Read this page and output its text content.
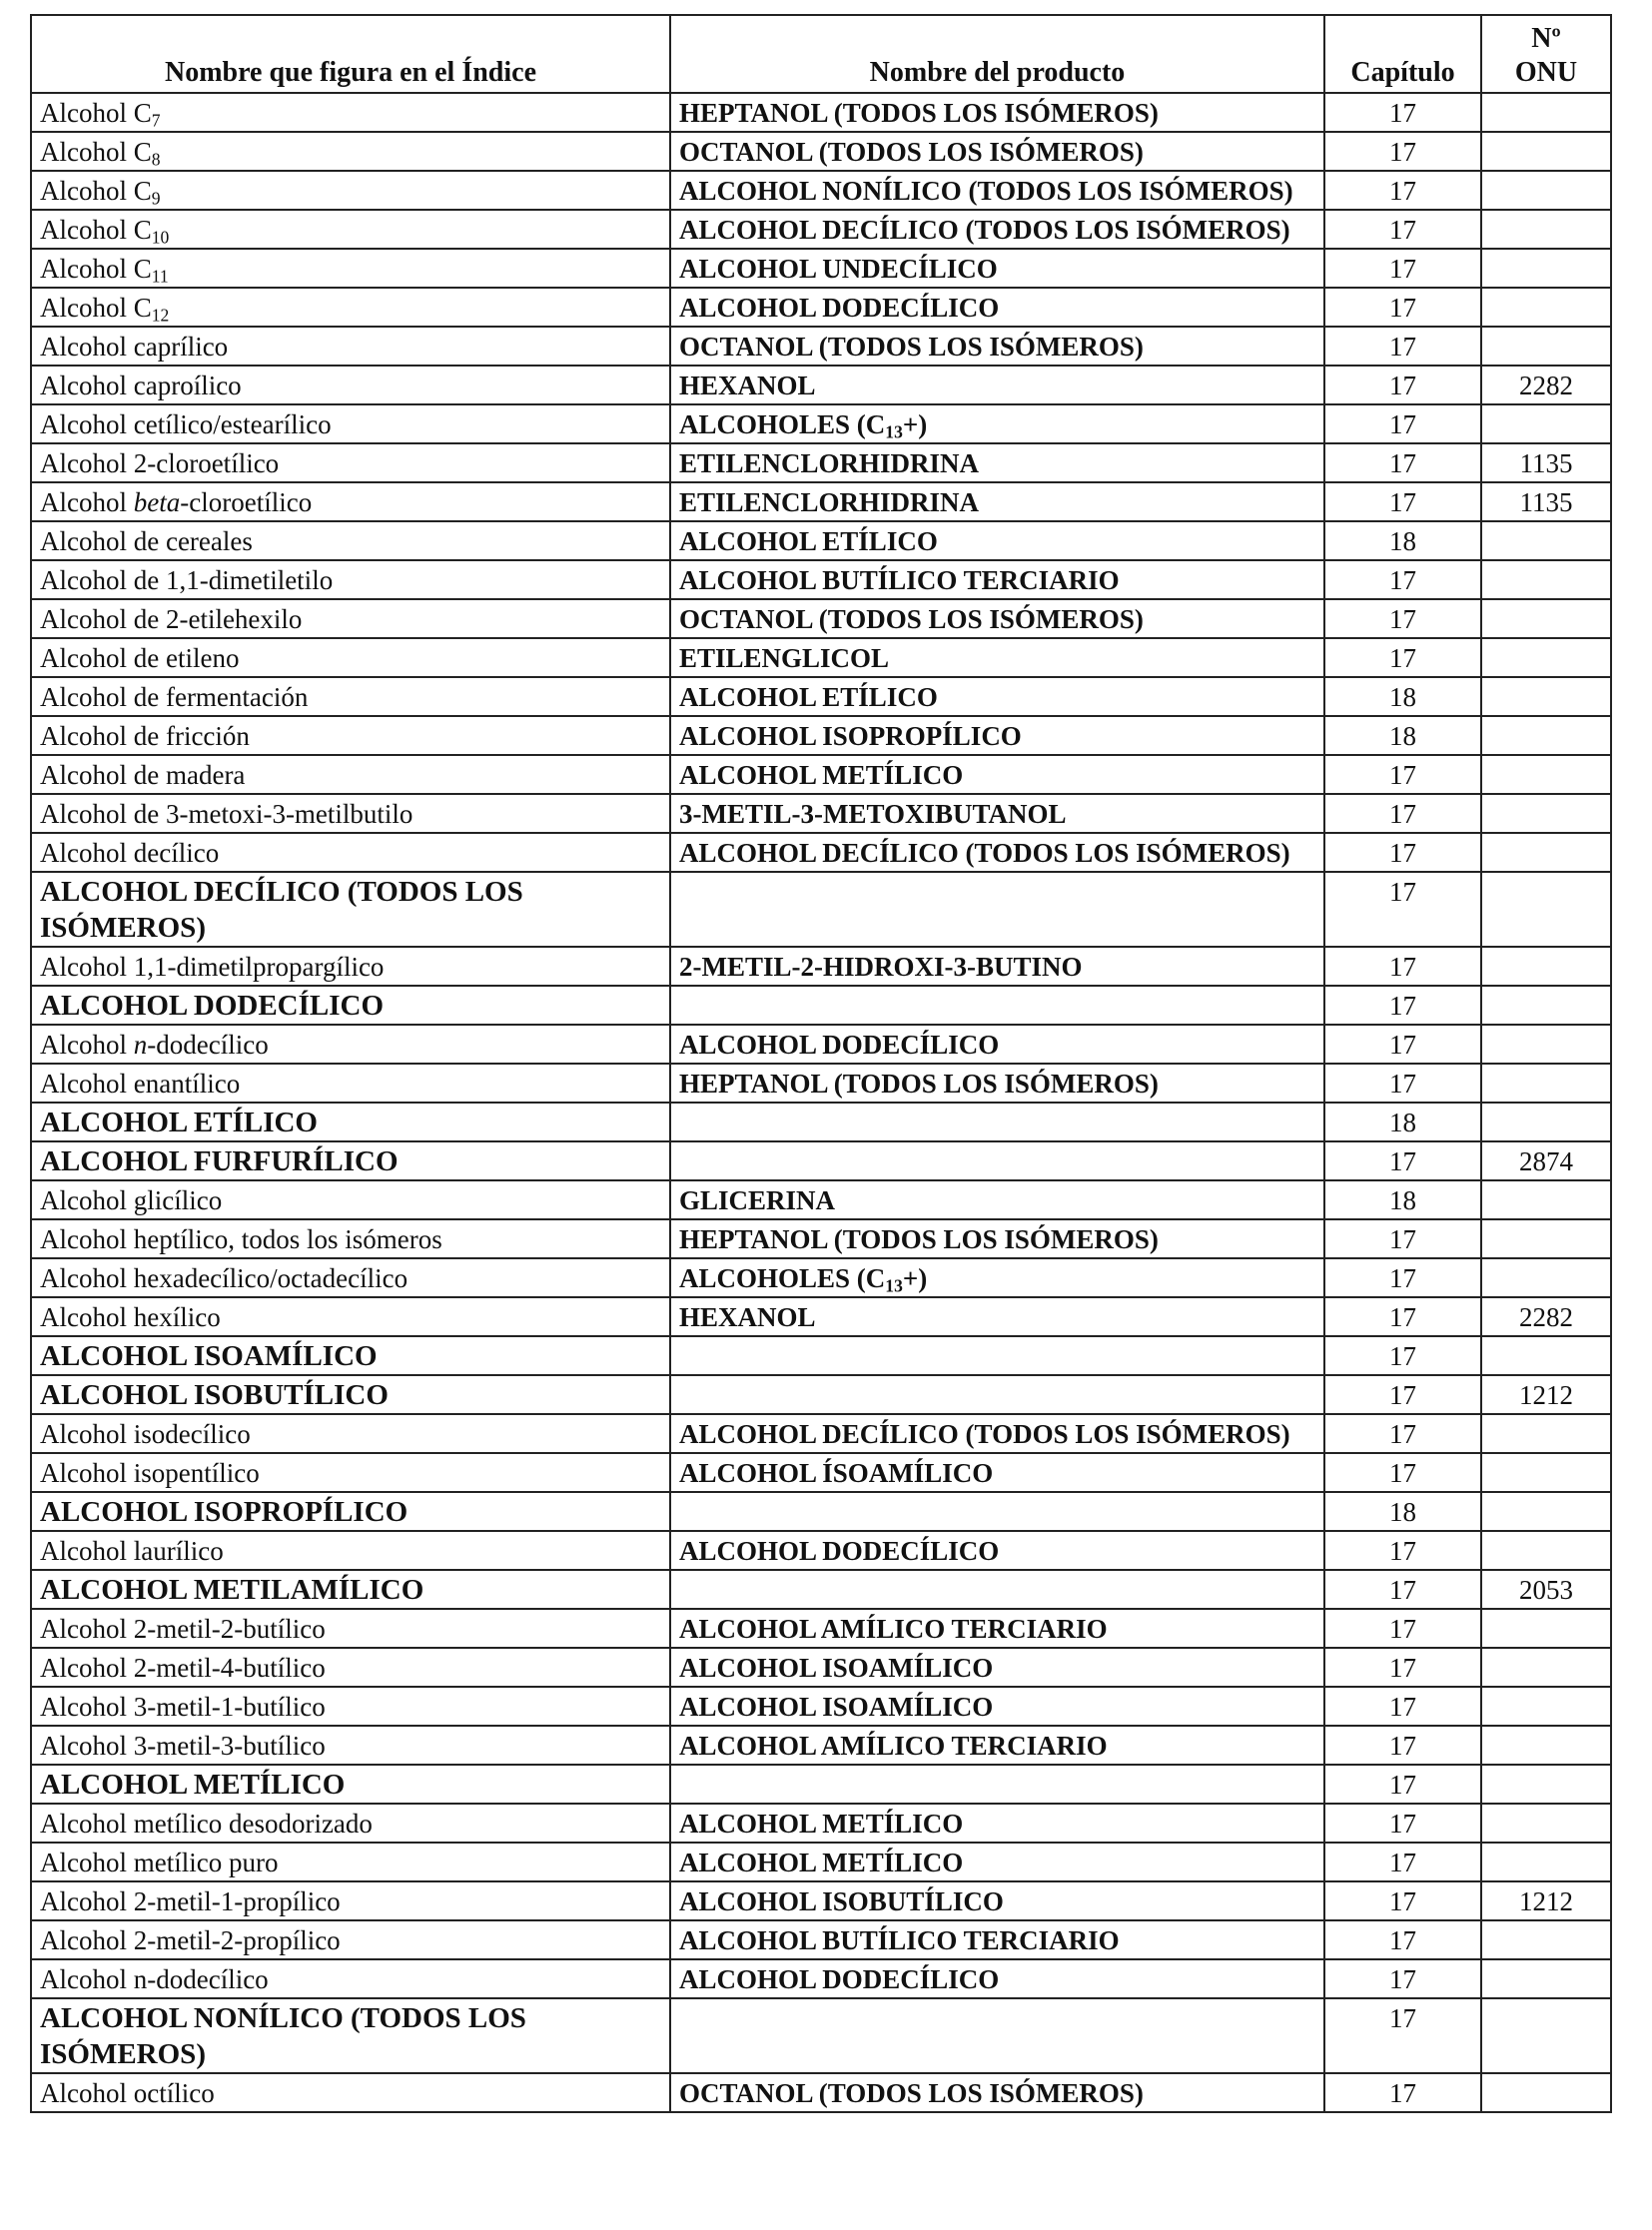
Nombre que figura en el Índice	Nombre del producto	Capítulo	Nº
ONU
Alcohol $C_7$	HEPTANOL (TODOS LOS ISÓMEROS)	17	
Alcohol $C_8$	OCTANOL (TODOS LOS ISÓMEROS)	17	
Alcohol $C_9$	ALCOHOL NONÍLICO (TODOS LOS ISÓMEROS)	17	
Alcohol $C_{10}$	ALCOHOL DECÍLICO (TODOS LOS ISÓMEROS)	17	
Alcohol $C_{11}$	ALCOHOL UNDECÍLICO	17	
Alcohol $C_{12}$	ALCOHOL DODECÍLICO	17	
Alcohol caprílico	OCTANOL (TODOS LOS ISÓMEROS)	17	
Alcohol caproílico	HEXANOL	17	2282
Alcohol cetílico/estearílico	ALCOHOLES $(C_{13}+)$	17	
Alcohol 2-cloroetílico	ETILENCLORHIDRINA	17	1135
Alcohol beta-cloroetílico	ETILENCLORHIDRINA	17	1135
Alcohol de cereales	ALCOHOL ETÍLICO	18	
Alcohol de 1,1-dimetiletilo	ALCOHOL BUTÍLICO TERCIARIO	17	
Alcohol de 2-etilehexilo	OCTANOL (TODOS LOS ISÓMEROS)	17	
Alcohol de etileno	ETILENGLICOL	17	
Alcohol de fermentación	ALCOHOL ETÍLICO	18	
Alcohol de fricción	ALCOHOL ISOPROPÍLICO	18	
Alcohol de madera	ALCOHOL METÍLICO	17	
Alcohol de 3-metoxi-3-metilbutilo	3-METIL-3-METOXIBUTANOL	17	
Alcohol decílico	ALCOHOL DECÍLICO (TODOS LOS ISÓMEROS)	17	
ALCOHOL DECÍLICO (TODOS LOS ISÓMEROS)		17	
Alcohol 1,1-dimetilpropargílico	2-METIL-2-HIDROXI-3-BUTINO	17	
ALCOHOL DODECÍLICO		17	
Alcohol n-dodecílico	ALCOHOL DODECÍLICO	17	
Alcohol enantílico	HEPTANOL (TODOS LOS ISÓMEROS)	17	
ALCOHOL ETÍLICO		18	
ALCOHOL FURFURÍLICO		17	2874
Alcohol glicílico	GLICERINA	18	
Alcohol heptílico, todos los isómeros	HEPTANOL (TODOS LOS ISÓMEROS)	17	
Alcohol hexadecílico/octadecílico	ALCOHOLES $(C_{13}+)$	17	
Alcohol hexílico	HEXANOL	17	2282
ALCOHOL ISOAMÍLICO		17	
ALCOHOL ISOBUTÍLICO		17	1212
Alcohol isodecílico	ALCOHOL DECÍLICO (TODOS LOS ISÓMEROS)	17	
Alcohol isopentílico	ALCOHOL ÍSOAMÍLICO	17	
ALCOHOL ISOPROPÍLICO		18	
Alcohol laurílico	ALCOHOL DODECÍLICO	17	
ALCOHOL METILAMÍLICO		17	2053
Alcohol 2-metil-2-butílico	ALCOHOL AMÍLICO TERCIARIO	17	
Alcohol 2-metil-4-butílico	ALCOHOL ISOAMÍLICO	17	
Alcohol 3-metil-1-butílico	ALCOHOL ISOAMÍLICO	17	
Alcohol 3-metil-3-butílico	ALCOHOL AMÍLICO TERCIARIO	17	
ALCOHOL METÍLICO		17	
Alcohol metílico desodorizado	ALCOHOL METÍLICO	17	
Alcohol metílico puro	ALCOHOL METÍLICO	17	
Alcohol 2-metil-1-propílico	ALCOHOL ISOBUTÍLICO	17	1212
Alcohol 2-metil-2-propílico	ALCOHOL BUTÍLICO TERCIARIO	17	
Alcohol n-dodecílico	ALCOHOL DODECÍLICO	17	
ALCOHOL NONÍLICO (TODOS LOS ISÓMEROS)		17	
Alcohol octílico	OCTANOL (TODOS LOS ISÓMEROS)	17	
